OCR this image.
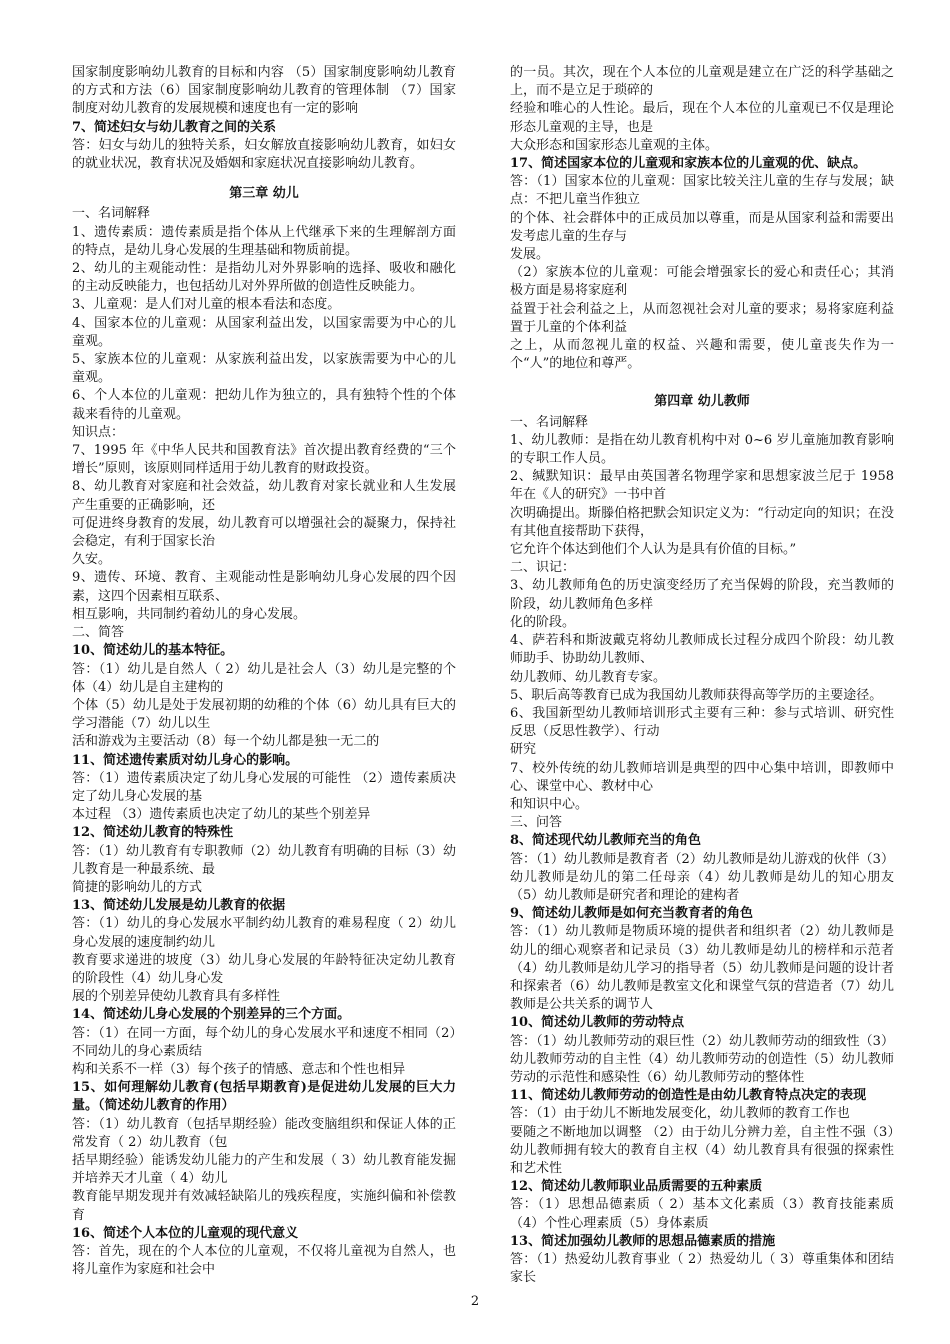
国家制度影响幼儿教育的目标和内容 （5）国家制度影响幼儿教育的方式和方法（6）国家制度影响幼儿教育的管理体制 （7）国家制度对幼儿教育的发展规模和速度也有一定的影响

7、简述妇女与幼儿教育之间的关系

答：妇女与幼儿的独特关系，妇女解放直接影响幼儿教育，如妇女的就业状况，教育状况及婚姻和家庭状况直接影响幼儿教育。

第三章 幼儿

一、名词解释

1、遗传素质：遗传素质是指个体从上代继承下来的生理解剖方面的特点，是幼儿身心发展的生理基础和物质前提。

2、幼儿的主观能动性：是指幼儿对外界影响的选择、吸收和融化的主动反映能力，也包括幼儿对外界所做的创造性反映能力。

3、儿童观：是人们对儿童的根本看法和态度。

4、国家本位的儿童观：从国家利益出发，以国家需要为中心的儿童观。

5、家族本位的儿童观：从家族利益出发，以家族需要为中心的儿童观。

6、个人本位的儿童观：把幼儿作为独立的，具有独特个性的个体裁来看待的儿童观。

知识点：

7、1995 年《中华人民共和国教育法》首次提出教育经费的“三个增长”原则，该原则同样适用于幼儿教育的财政投资。

8、幼儿教育对家庭和社会效益，幼儿教育对家长就业和人生发展产生重要的正确影响，还

可促进终身教育的发展，幼儿教育可以增强社会的凝聚力，保持社会稳定，有利于国家长治

久安。

9、遗传、环境、教育、主观能动性是影响幼儿身心发展的四个因素，这四个因素相互联系、

相互影响，共同制约着幼儿的身心发展。

二、简答

10、简述幼儿的基本特征。

答：（1）幼儿是自然人（ 2）幼儿是社会人（3）幼儿是完整的个体（4）幼儿是自主建构的

个体（5）幼儿是处于发展初期的幼稚的个体（6）幼儿具有巨大的学习潜能（7）幼儿以生

活和游戏为主要活动（8）每一个幼儿都是独一无二的

11、简述遗传素质对幼儿身心的影响。

答：（1）遗传素质决定了幼儿身心发展的可能性 （2）遗传素质决定了幼儿身心发展的基

本过程 （3）遗传素质也决定了幼儿的某些个别差异

12、简述幼儿教育的特殊性

答：（1）幼儿教育有专职教师（2）幼儿教育有明确的目标（3）幼儿教育是一种最系统、最

简捷的影响幼儿的方式

13、简述幼儿发展是幼儿教育的依据

答：（1）幼儿的身心发展水平制约幼儿教育的难易程度（ 2）幼儿身心发展的速度制约幼儿

教育要求递进的坡度（3）幼儿身心发展的年龄特征决定幼儿教育的阶段性（4）幼儿身心发

展的个别差异使幼儿教育具有多样性

14、简述幼儿身心发展的个别差异的三个方面。

答：（1）在同一方面，每个幼儿的身心发展水平和速度不相同（2）不同幼儿的身心素质结

构和关系不一样（3）每个孩子的情感、意志和个性也相异

15、如何理解幼儿教育(包括早期教育)是促进幼儿发展的巨大力量。（简述幼儿教育的作用）

答：（1）幼儿教育（包括早期经验）能改变脑组织和保证人体的正常发育（ 2）幼儿教育（包

括早期经验）能诱发幼儿能力的产生和发展（ 3）幼儿教育能发掘并培养天才儿童（ 4）幼儿

教育能早期发现并有效减轻缺陷儿的残疾程度，实施纠偏和补偿教育

16、简述个人本位的儿童观的现代意义

答：首先，现在的个人本位的儿童观，不仅将儿童视为自然人，也将儿童作为家庭和社会中

的一员。其次，现在个人本位的儿童观是建立在广泛的科学基础之上，而不是立足于琐碎的

经验和唯心的人性论。最后，现在个人本位的儿童观已不仅是理论形态儿童观的主导，也是

大众形态和国家形态儿童观的主体。

17、简述国家本位的儿童观和家族本位的儿童观的优、缺点。

答：（1）国家本位的儿童观：国家比较关注儿童的生存与发展；缺点：不把儿童当作独立

的个体、社会群体中的正成员加以尊重，而是从国家利益和需要出发考虑儿童的生存与

发展。

（2）家族本位的儿童观：可能会增强家长的爱心和责任心；其消极方面是易将家庭利

益置于社会利益之上，从而忽视社会对儿童的要求；易将家庭利益置于儿童的个体利益

之上，从而忽视儿童的权益、兴趣和需要，使儿童丧失作为一个“人”的地位和尊严。

第四章 幼儿教师

一、名词解释

1、幼儿教师：是指在幼儿教育机构中对 0~6 岁儿童施加教育影响的专职工作人员。

2、缄默知识：最早由英国著名物理学家和思想家波兰尼于 1958 年在《人的研究》一书中首

次明确提出。斯滕伯格把默会知识定义为：“行动定向的知识；在没有其他直接帮助下获得，

它允许个体达到他们个人认为是具有价值的目标。”

二、识记：

3、幼儿教师角色的历史演变经历了充当保姆的阶段，充当教师的阶段，幼儿教师角色多样

化的阶段。

4、萨若科和斯波戴克将幼儿教师成长过程分成四个阶段：幼儿教师助手、协助幼儿教师、

幼儿教师、幼儿教育专家。

5、职后高等教育已成为我国幼儿教师获得高等学历的主要途径。

6、我国新型幼儿教师培训形式主要有三种：参与式培训、研究性反思（反思性教学）、行动

研究

7、校外传统的幼儿教师培训是典型的四中心集中培训，即教师中心、课堂中心、教材中心

和知识中心。

三、问答

8、简述现代幼儿教师充当的角色

答：（1）幼儿教师是教育者（2）幼儿教师是幼儿游戏的伙伴（3）幼儿教师是幼儿的第二任母亲（4）幼儿教师是幼儿的知心朋友（5）幼儿教师是研究者和理论的建构者

9、简述幼儿教师是如何充当教育者的角色

答：（1）幼儿教师是物质环境的提供者和组织者（2）幼儿教师是幼儿的细心观察者和记录员（3）幼儿教师是幼儿的榜样和示范者（4）幼儿教师是幼儿学习的指导者（5）幼儿教师是问题的设计者和探索者（6）幼儿教师是教室文化和课堂气氛的营造者（7）幼儿教师是公共关系的调节人

10、简述幼儿教师的劳动特点

答：（1）幼儿教师劳动的艰巨性（2）幼儿教师劳动的细致性（3）幼儿教师劳动的自主性（4）幼儿教师劳动的创造性（5）幼儿教师劳动的示范性和感染性（6）幼儿教师劳动的整体性

11、简述幼儿教师劳动的创造性是由幼儿教育特点决定的表现

答：（1）由于幼儿不断地发展变化，幼儿教师的教育工作也

要随之不断地加以调整 （2）由于幼儿分辨力差，自主性不强（3）幼儿教师拥有较大的教育自主权（4）幼儿教育具有很强的探索性和艺术性

12、简述幼儿教师职业品质需要的五种素质

答：（1）思想品德素质（ 2）基本文化素质（3）教育技能素质（4）个性心理素质（5）身体素质

13、简述加强幼儿教师的思想品德素质的措施

答：（1）热爱幼儿教育事业（ 2）热爱幼儿（ 3）尊重集体和团结家长

2
